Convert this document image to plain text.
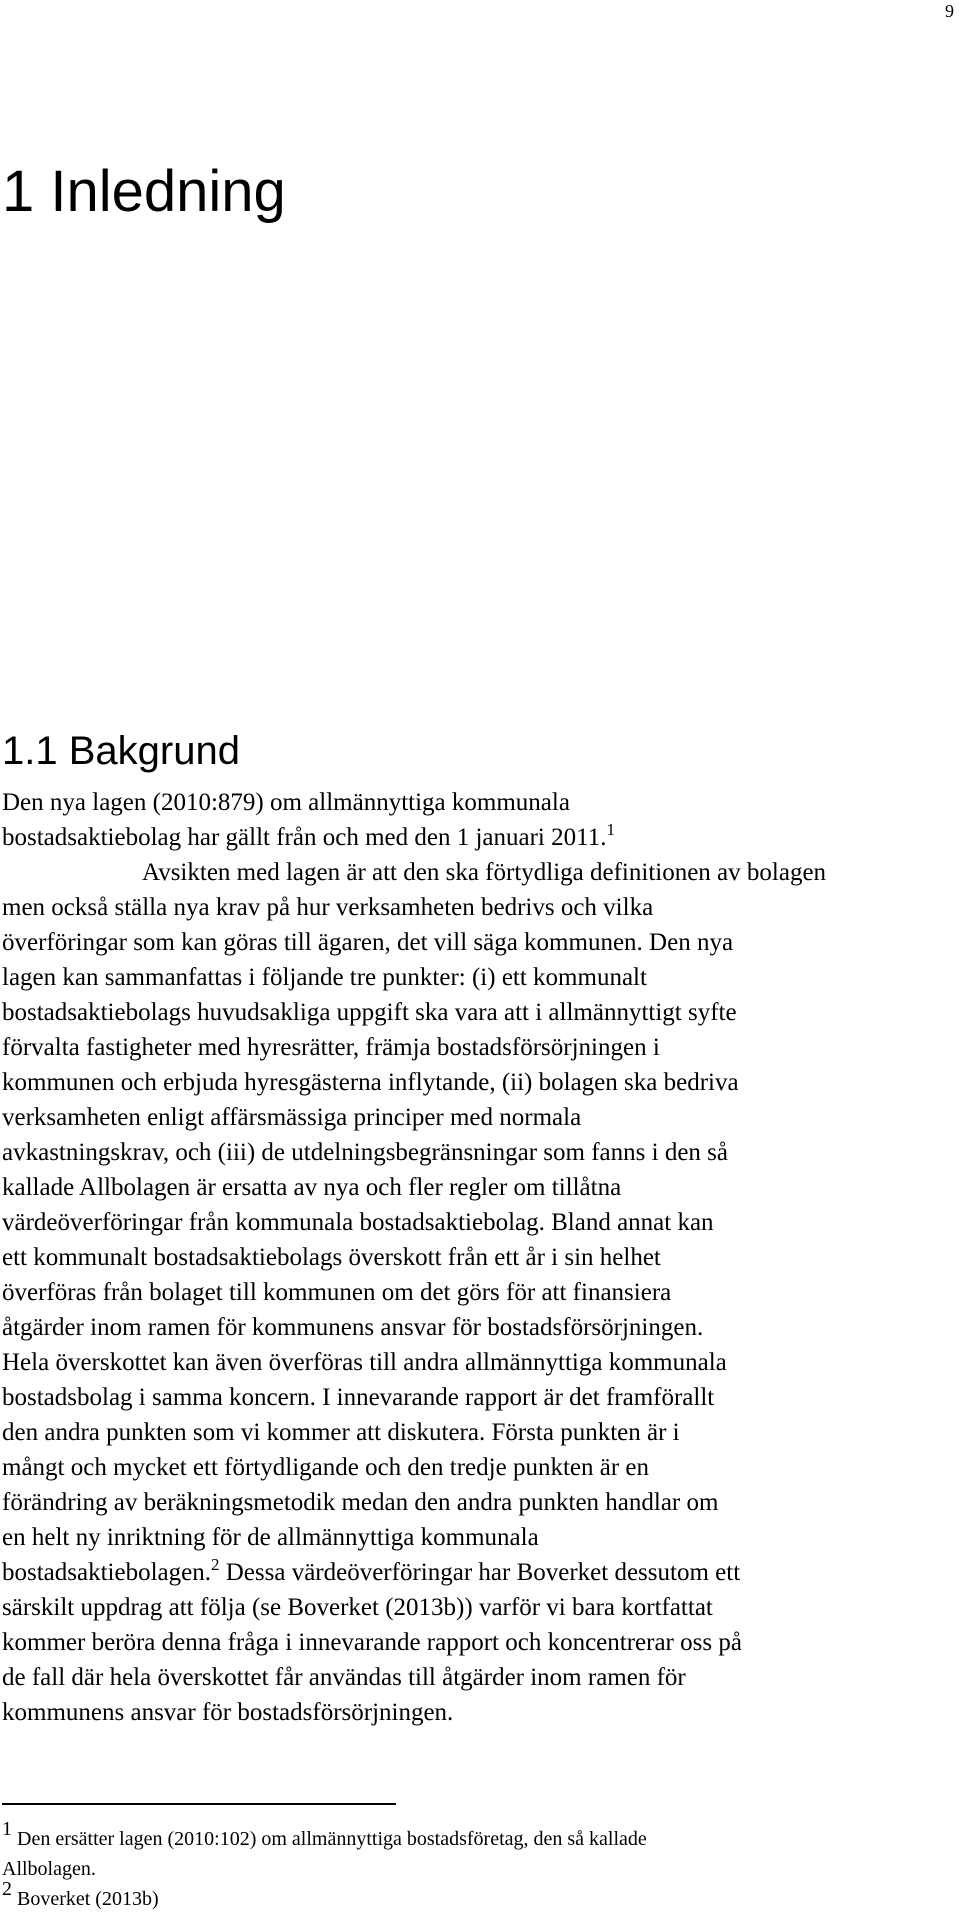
9
1 Inledning
1.1 Bakgrund
Den nya lagen (2010:879) om allmännyttiga kommunala
bostadsaktiebolag har gällt från och med den 1 januari 2011.$^1$
Avsikten med lagen är att den ska förtydliga definitionen av bolagen
men också ställa nya krav på hur verksamheten bedrivs och vilka
överföringar som kan göras till ägaren, det vill säga kommunen. Den nya
lagen kan sammanfattas i följande tre punkter: (i) ett kommunalt
bostadsaktiebolags huvudsakliga uppgift ska vara att i allmännyttigt syfte
förvalta fastigheter med hyresrätter, främja bostadsförsörjningen i
kommunen och erbjuda hyresgästerna inflytande, (ii) bolagen ska bedriva
verksamheten enligt affärsmässiga principer med normala
avkastningskrav, och (iii) de utdelningsbegränsningar som fanns i den så
kallade Allbolagen är ersatta av nya och fler regler om tillåtna
värdeöverföringar från kommunala bostadsaktiebolag. Bland annat kan
ett kommunalt bostadsaktiebolags överskott från ett år i sin helhet
överföras från bolaget till kommunen om det görs för att finansiera
åtgärder inom ramen för kommunens ansvar för bostadsförsörjningen.
Hela överskottet kan även överföras till andra allmännyttiga kommunala
bostadsbolag i samma koncern. I innevarande rapport är det framförallt
den andra punkten som vi kommer att diskutera. Första punkten är i
mångt och mycket ett förtydligande och den tredje punkten är en
förändring av beräkningsmetodik medan den andra punkten handlar om
en helt ny inriktning för de allmännyttiga kommunala
bostadsaktiebolagen.$^2$ Dessa värdeöverföringar har Boverket dessutom ett
särskilt uppdrag att följa (se Boverket (2013b)) varför vi bara kortfattat
kommer beröra denna fråga i innevarande rapport och koncentrerar oss på
de fall där hela överskottet får användas till åtgärder inom ramen för
kommunens ansvar för bostadsförsörjningen.
1 Den ersätter lagen (2010:102) om allmännyttiga bostadsföretag, den så kallade
Allbolagen.
2 Boverket (2013b)
